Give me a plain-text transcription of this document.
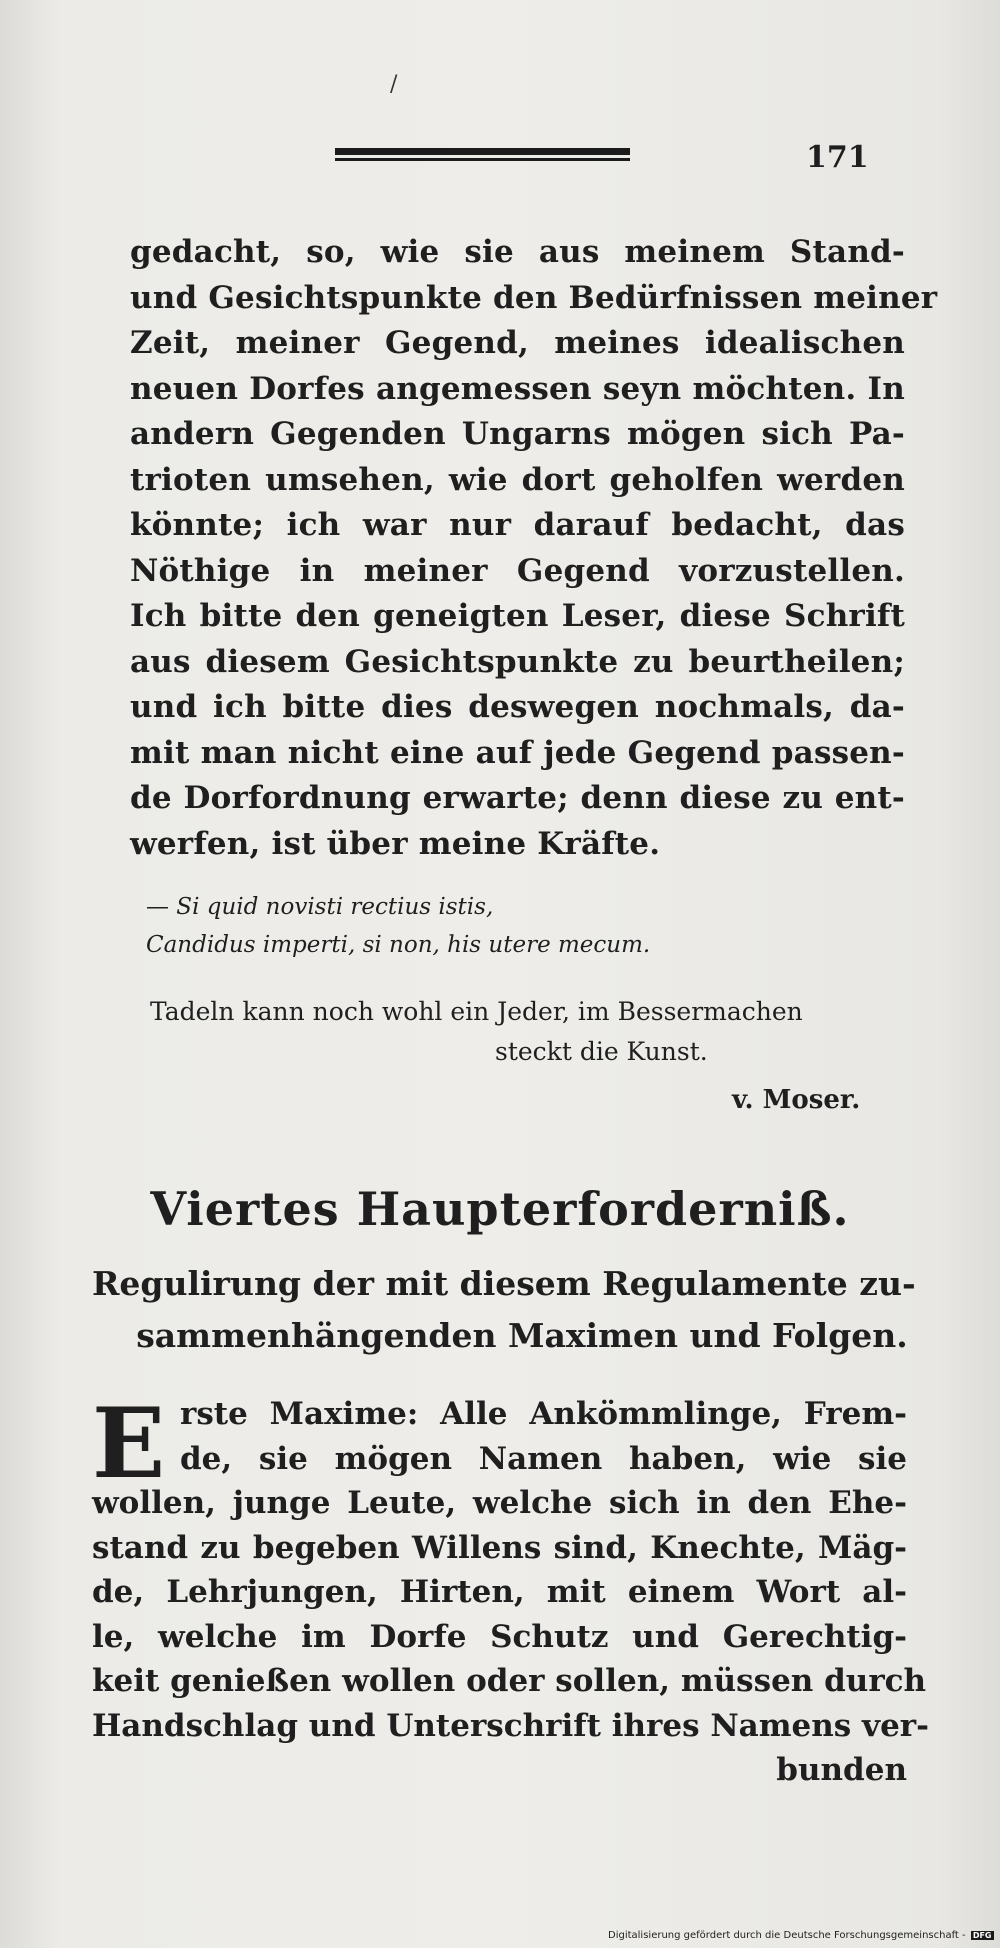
/
171
gedacht, so, wie sie aus meinem Stand-
und Gesichtspunkte den Bedürfnissen meiner
Zeit, meiner Gegend, meines idealischen
neuen Dorfes angemessen seyn möchten. In
andern Gegenden Ungarns mögen sich Pa-
trioten umsehen, wie dort geholfen werden
könnte; ich war nur darauf bedacht, das
Nöthige in meiner Gegend vorzustellen.
Ich bitte den geneigten Leser, diese Schrift
aus diesem Gesichtspunkte zu beurtheilen;
und ich bitte dies deswegen nochmals, da-
mit man nicht eine auf jede Gegend passen-
de Dorfordnung erwarte; denn diese zu ent-
werfen, ist über meine Kräfte.
— Si quid novisti rectius istis,
Candidus imperti, si non, his utere mecum.
Tadeln kann noch wohl ein Jeder, im Bessermachen
steckt die Kunst.
v. Moser.
Viertes Haupterforderniß.
Regulirung der mit diesem Regulamente zu-
sammenhängenden Maximen und Folgen.
E rste Maxime: Alle Ankömmlinge, Frem-
de, sie mögen Namen haben, wie sie
wollen, junge Leute, welche sich in den Ehe-
stand zu begeben Willens sind, Knechte, Mäg-
de, Lehrjungen, Hirten, mit einem Wort al-
le, welche im Dorfe Schutz und Gerechtig-
keit genießen wollen oder sollen, müssen durch
Handschlag und Unterschrift ihres Namens ver-
bunden
Digitalisierung gefördert durch die Deutsche Forschungsgemeinschaft - DFG
